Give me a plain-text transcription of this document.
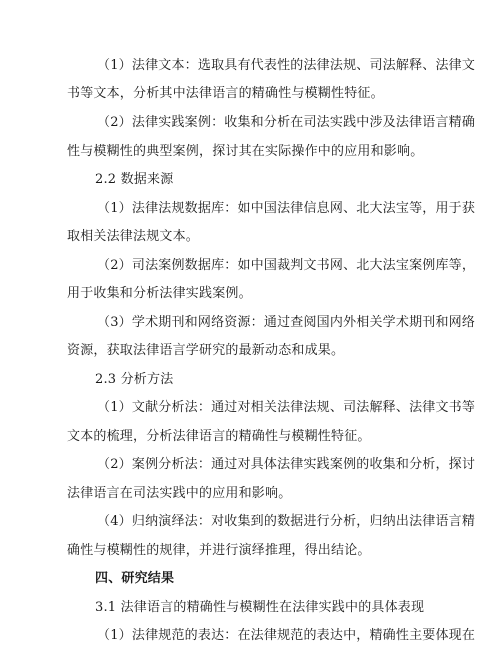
（1）法律文本：选取具有代表性的法律法规、司法解释、法律文
书等文本，分析其中法律语言的精确性与模糊性特征。
（2）法律实践案例：收集和分析在司法实践中涉及法律语言精确
性与模糊性的典型案例，探讨其在实际操作中的应用和影响。
2.2 数据来源
（1）法律法规数据库：如中国法律信息网、北大法宝等，用于获
取相关法律法规文本。
（2）司法案例数据库：如中国裁判文书网、北大法宝案例库等，
用于收集和分析法律实践案例。
（3）学术期刊和网络资源：通过查阅国内外相关学术期刊和网络
资源，获取法律语言学研究的最新动态和成果。
2.3 分析方法
（1）文献分析法：通过对相关法律法规、司法解释、法律文书等
文本的梳理，分析法律语言的精确性与模糊性特征。
（2）案例分析法：通过对具体法律实践案例的收集和分析，探讨
法律语言在司法实践中的应用和影响。
（4）归纳演绎法：对收集到的数据进行分析，归纳出法律语言精
确性与模糊性的规律，并进行演绎推理，得出结论。
四、研究结果
3.1 法律语言的精确性与模糊性在法律实践中的具体表现
（1）法律规范的表达：在法律规范的表达中，精确性主要体现在
